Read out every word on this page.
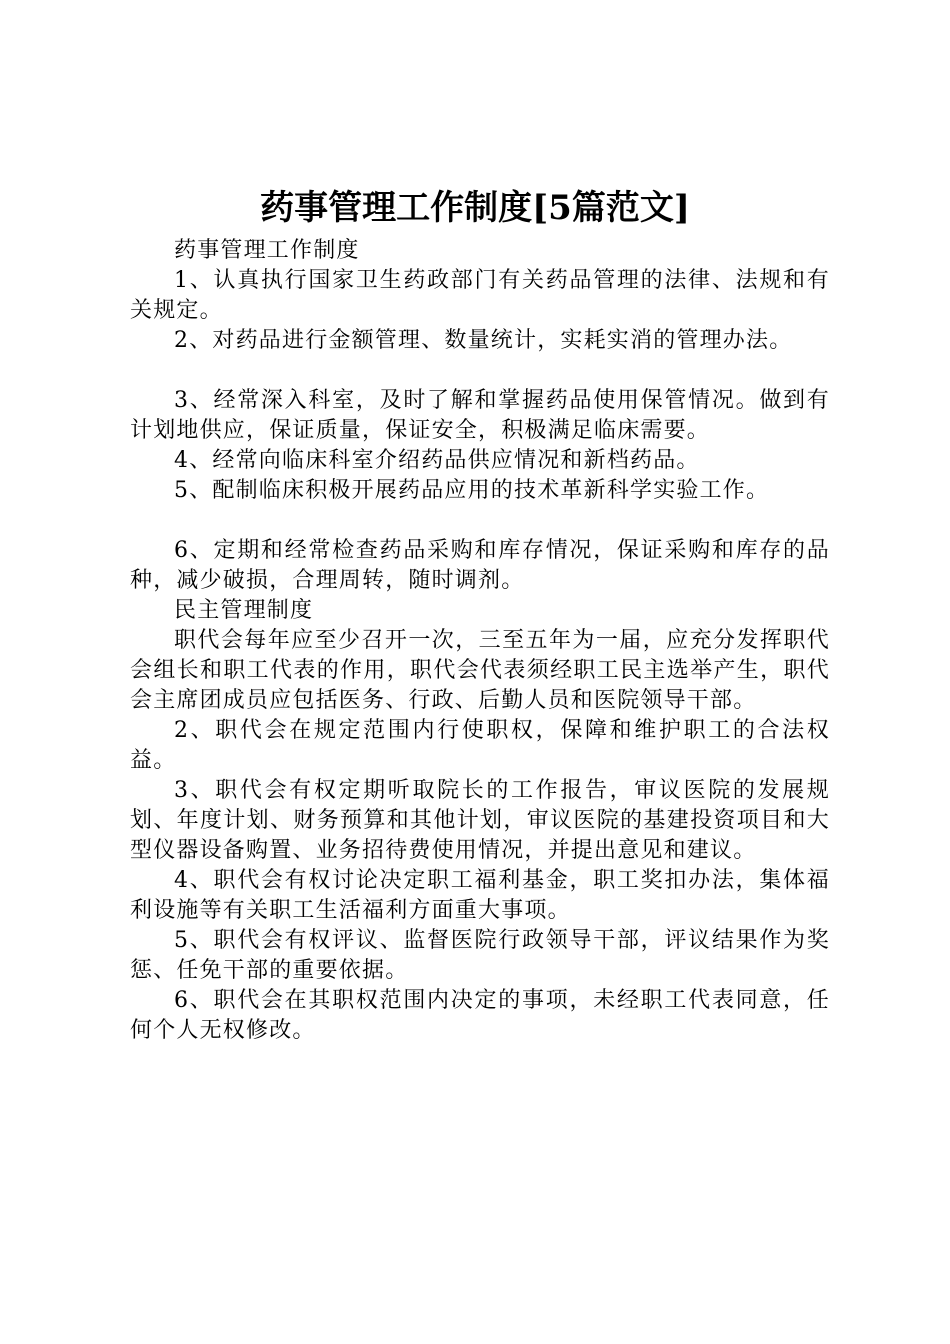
药事管理工作制度[5篇范文]

药事管理工作制度

1、认真执行国家卫生药政部门有关药品管理的法律、法规和有关规定。

2、对药品进行金额管理、数量统计，实耗实消的管理办法。

3、经常深入科室，及时了解和掌握药品使用保管情况。做到有计划地供应，保证质量，保证安全，积极满足临床需要。

4、经常向临床科室介绍药品供应情况和新档药品。

5、配制临床积极开展药品应用的技术革新科学实验工作。

6、定期和经常检查药品采购和库存情况，保证采购和库存的品种，减少破损，合理周转，随时调剂。

民主管理制度

职代会每年应至少召开一次，三至五年为一届，应充分发挥职代会组长和职工代表的作用，职代会代表须经职工民主选举产生，职代会主席团成员应包括医务、行政、后勤人员和医院领导干部。

2、职代会在规定范围内行使职权，保障和维护职工的合法权益。

3、职代会有权定期听取院长的工作报告，审议医院的发展规划、年度计划、财务预算和其他计划，审议医院的基建投资项目和大型仪器设备购置、业务招待费使用情况，并提出意见和建议。

4、职代会有权讨论决定职工福利基金，职工奖扣办法，集体福利设施等有关职工生活福利方面重大事项。

5、职代会有权评议、监督医院行政领导干部，评议结果作为奖惩、任免干部的重要依据。

6、职代会在其职权范围内决定的事项，未经职工代表同意，任何个人无权修改。
